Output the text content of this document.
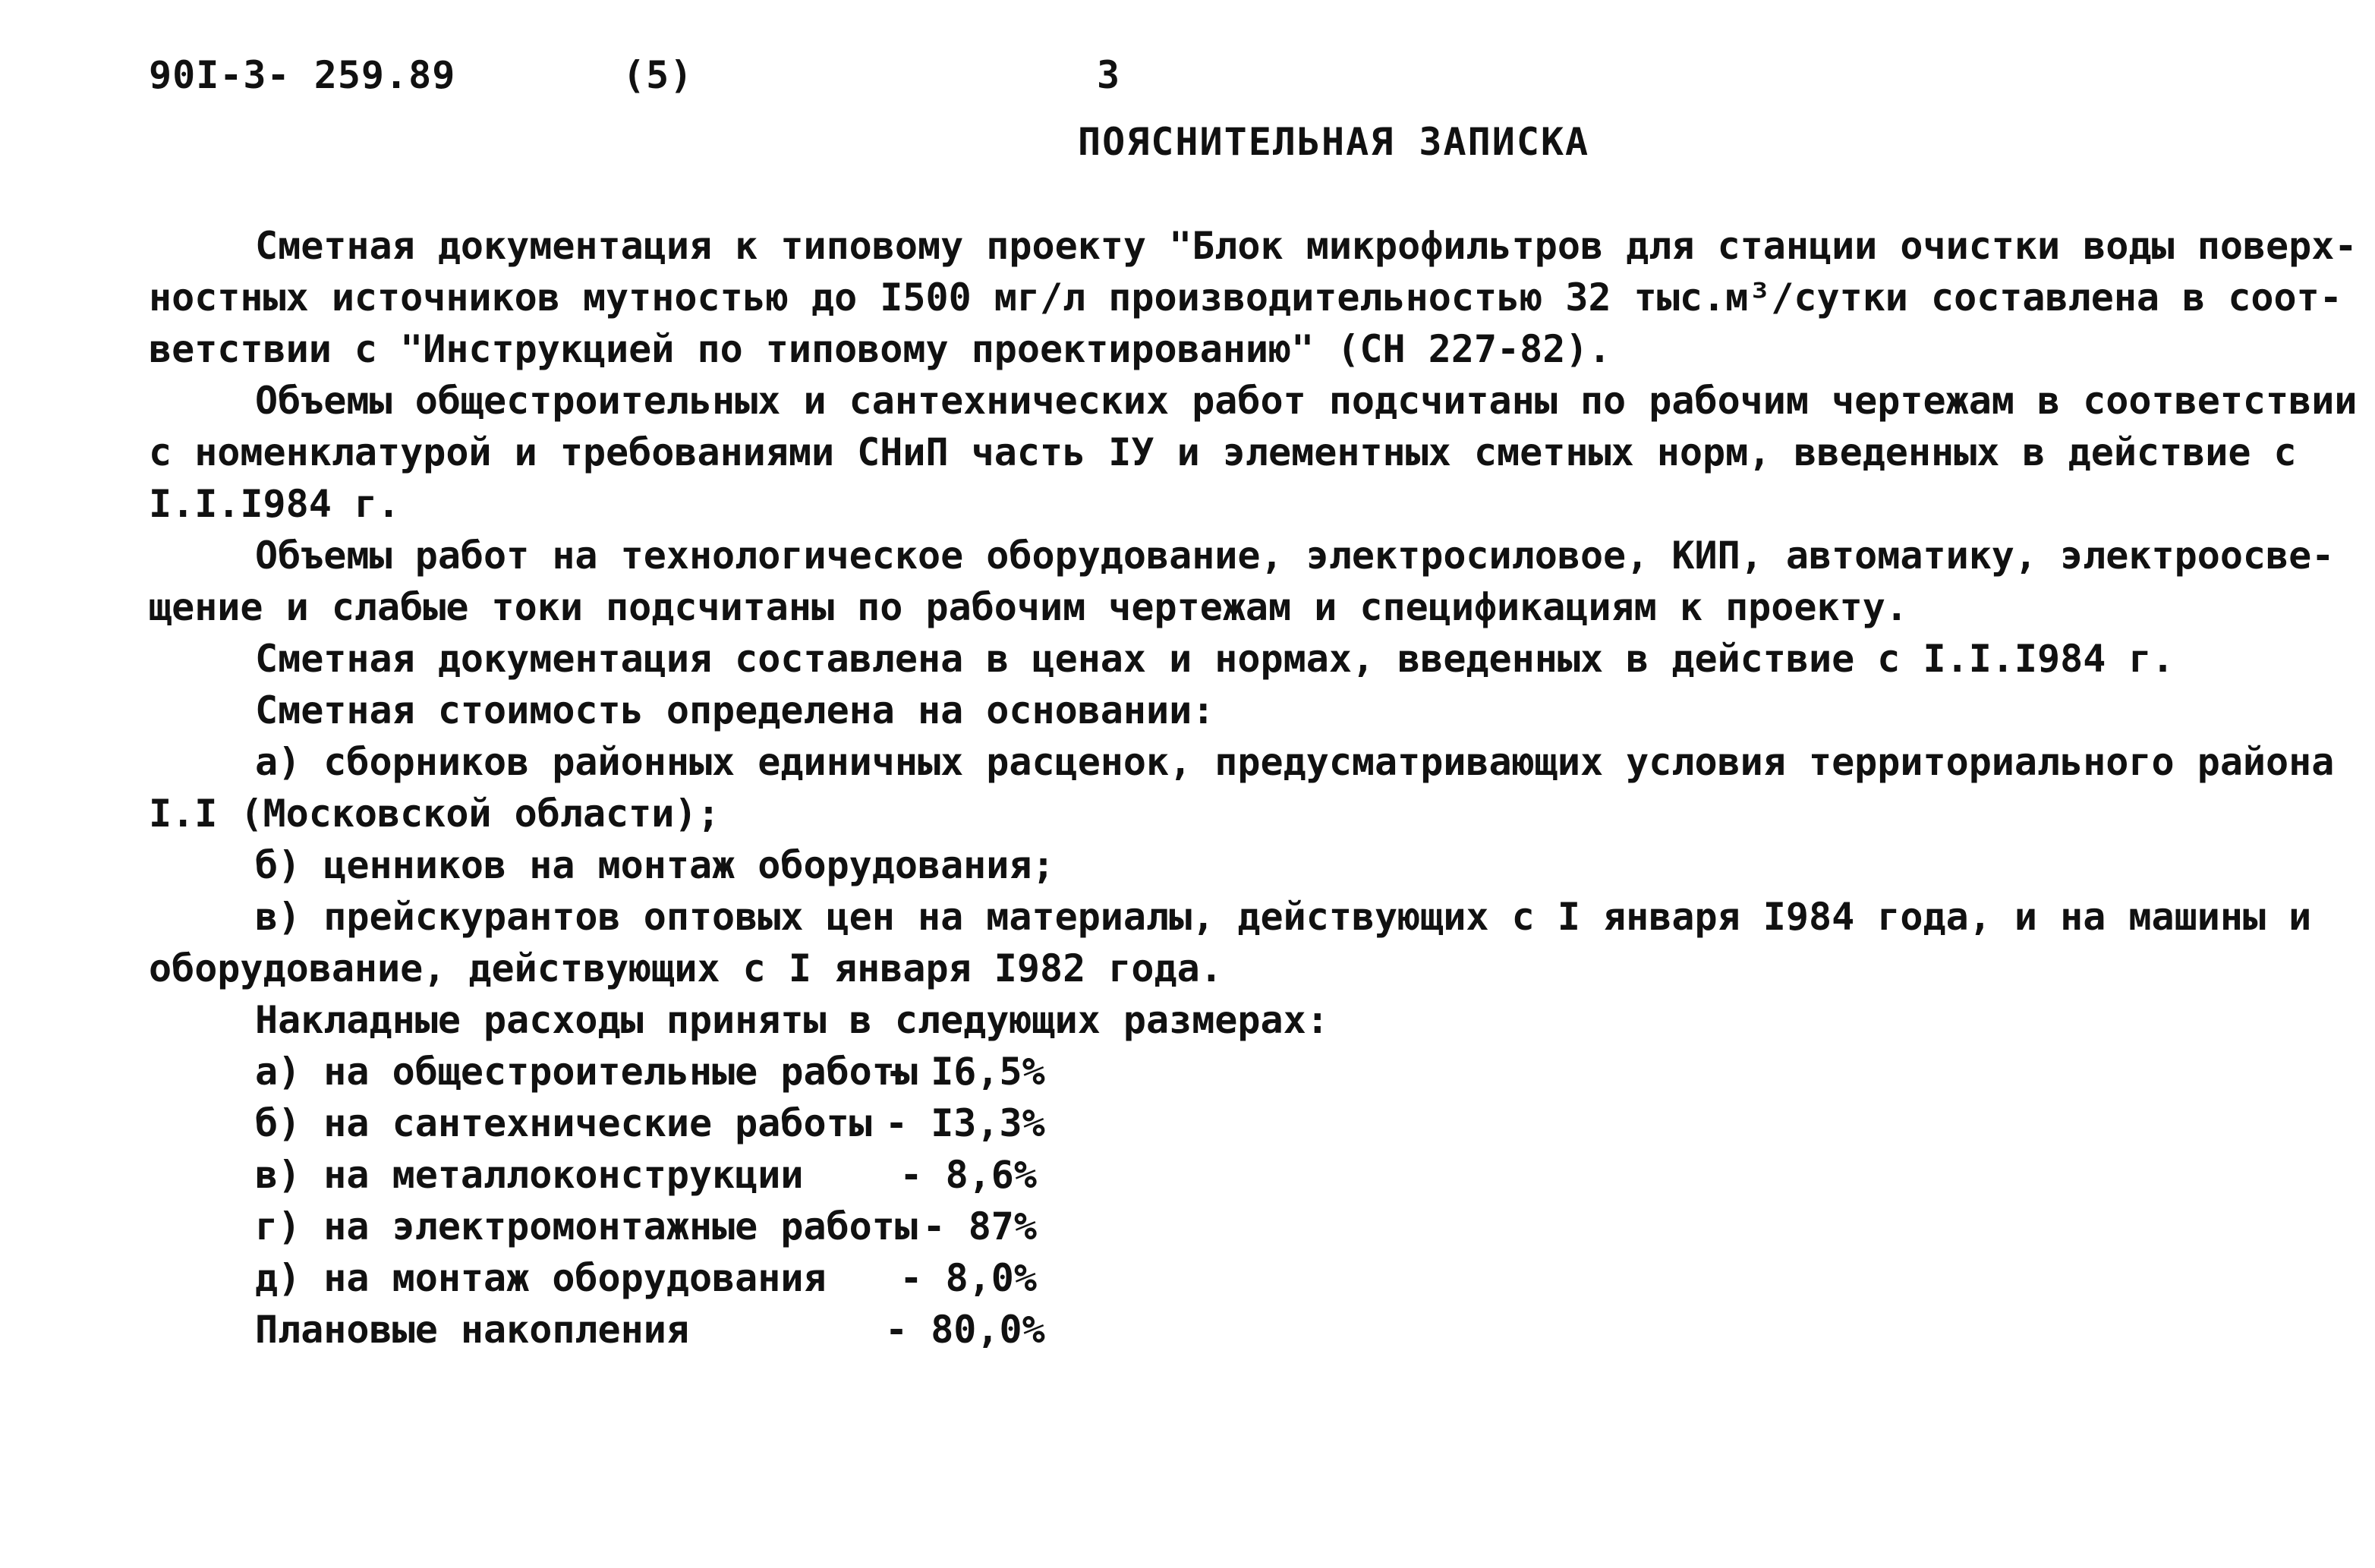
90I-3- 259.89	(5)	3
ПОЯСНИТЕЛЬНАЯ ЗАПИСКА
Сметная документация к типовому проекту "Блок микрофильтров для станции очистки воды поверх-
ностных источников мутностью до I500 мг/л производительностью 32 тыс.м³/сутки составлена в соот-
ветствии с "Инструкцией по типовому проектированию" (СН 227-82).
Объемы общестроительных и сантехнических работ подсчитаны по рабочим чертежам в соответствии
с номенклатурой и требованиями СНиП часть IУ и элементных сметных норм, введенных в действие с
I.I.I984 г.
Объемы работ на технологическое оборудование, электросиловое, КИП, автоматику, электроосве-
щение и слабые токи подсчитаны по рабочим чертежам и спецификациям к проекту.
Сметная документация составлена в ценах и нормах, введенных в действие с I.I.I984 г.
Сметная стоимость определена на основании:
а) сборников районных единичных расценок, предусматривающих условия территориального района
I.I (Московской области);
б) ценников на монтаж оборудования;
в) прейскурантов оптовых цен на материалы, действующих с I января I984 года, и на машины и
оборудование, действующих с I января I982 года.
Накладные расходы приняты в следующих размерах:
а) на общестроительные работы- I6,5%
б) на сантехнические работы - I3,3%
в) на металлоконструкции	- 8,6%
г) на электромонтажные работы - 87%
д) на монтаж оборудования - 8,0%
Плановые накопления	- 80,0%
